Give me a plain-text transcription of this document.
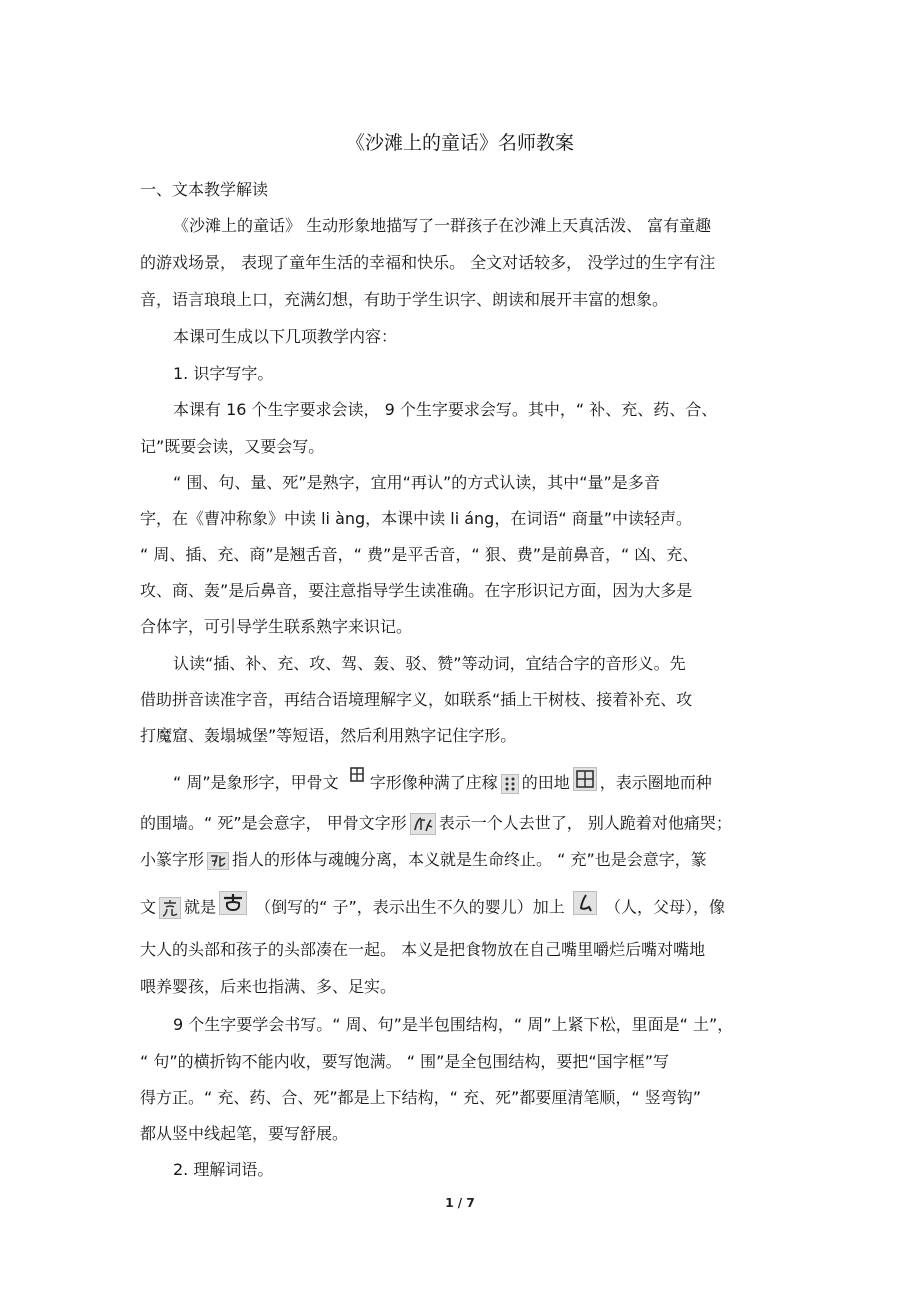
《沙滩上的童话》名师教案

一、文本教学解读

《沙滩上的童话》 生动形象地描写了一群孩子在沙滩上天真活泼、 富有童趣

的游戏场景， 表现了童年生活的幸福和快乐。 全文对话较多， 没学过的生字有注

音，语言琅琅上口，充满幻想，有助于学生识字、朗读和展开丰富的想象。

本课可生成以下几项教学内容：

1. 识字写字。

本课有 16 个生字要求会读， 9 个生字要求会写。其中，“ 补、充、药、合、

记”既要会读，又要会写。

“ 围、句、量、死”是熟字，宜用“再认”的方式认读，其中“量”是多音

字，在《曹冲称象》中读 li àng，本课中读 li áng，在词语“ 商量”中读轻声。

“ 周、插、充、商”是翘舌音，“ 费”是平舌音，“ 狠、费”是前鼻音，“ 凶、充、

攻、商、轰”是后鼻音，要注意指导学生读准确。在字形识记方面，因为大多是

合体字，可引导学生联系熟字来识记。

认读“插、补、充、攻、驾、轰、驳、赞”等动词，宜结合字的音形义。先

借助拼音读准字音，再结合语境理解字义，如联系“插上干树枝、接着补充、攻

打魔窟、轰塌城堡”等短语，然后利用熟字记住字形。

“ 周”是象形字，甲骨文
字形像种满了庄稼 的田地 ，表示圈地而种

的围墙。“ 死”是会意字， 甲骨文字形 表示一个人去世了， 别人跪着对他痛哭；

小篆字形 指人的形体与魂魄分离，本义就是生命终止。 “ 充”也是会意字，篆

文 就是
（倒写的“ 子”，表示出生不久的婴儿）加上
（人，父母），像

大人的头部和孩子的头部凑在一起。 本义是把食物放在自己嘴里嚼烂后嘴对嘴地

喂养婴孩，后来也指满、多、足实。

9 个生字要学会书写。“ 周、句”是半包围结构，“ 周”上紧下松，里面是“ 土”，

“ 句”的横折钩不能内收，要写饱满。 “ 围”是全包围结构，要把“国字框”写

得方正。“ 充、药、合、死”都是上下结构，“ 充、死”都要厘清笔顺，“ 竖弯钩”

都从竖中线起笔，要写舒展。

2. 理解词语。

1 / 7
